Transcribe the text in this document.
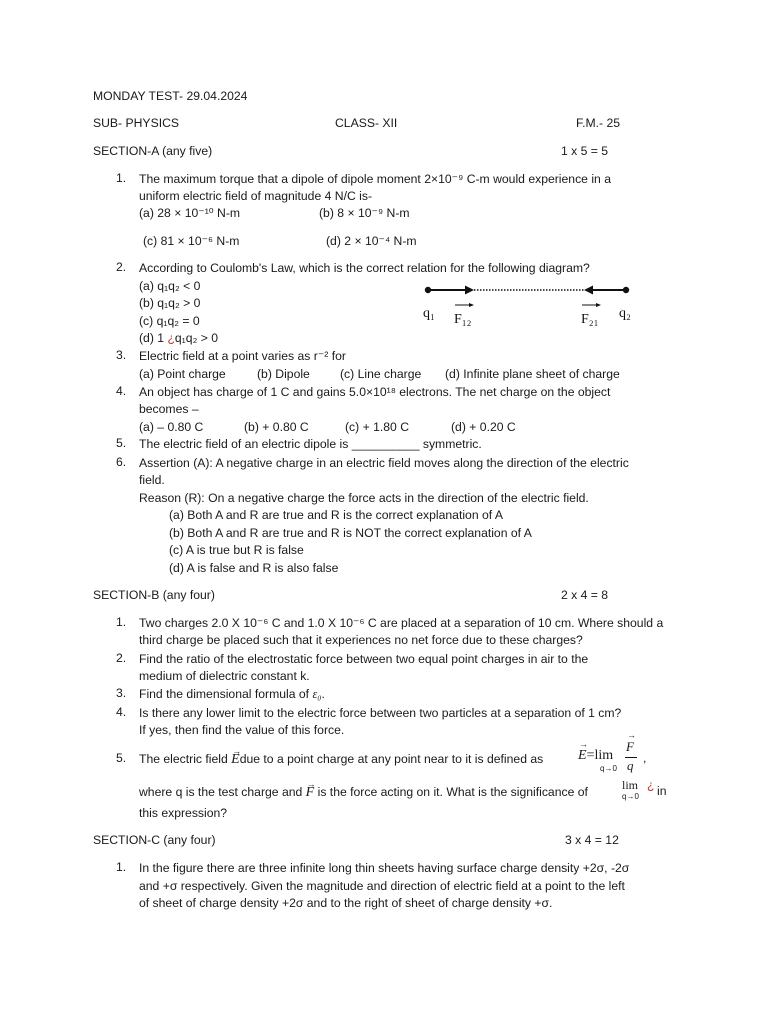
MONDAY TEST- 29.04.2024
SUB- PHYSICS	CLASS- XII	F.M.- 25
SECTION-A (any five)	1 x 5 = 5
1.	The maximum torque that a dipole of dipole moment 2×10⁻⁹ C-m would experience in a
uniform electric field of magnitude 4 N/C is-
(a) 28 × 10⁻¹⁰ N-m	(b) 8 × 10⁻⁹ N-m
(c) 81 × 10⁻⁶ N-m	(d) 2 × 10⁻⁴ N-m
2.	According to Coulomb's Law, which is the correct relation for the following diagram?
(a) q₁q₂ < 0
(b) q₁q₂ > 0
(c) q₁q₂ = 0
(d) 1 ¿q₁q₂ > 0
q₁ F₁₂	F₂₁ q₂
3.	Electric field at a point varies as r⁻² for
(a) Point charge	(b) Dipole (c) Line charge (d) Infinite plane sheet of charge
4.	An object has charge of 1 C and gains 5.0×10¹⁸ electrons. The net charge on the object
becomes –
(a) – 0.80 C	(b) + 0.80 C	(c) + 1.80 C	(d) + 0.20 C
5.	The electric field of an electric dipole is __________ symmetric.
6.	Assertion (A): A negative charge in an electric field moves along the direction of the electric
field.
Reason (R): On a negative charge the force acts in the direction of the electric field.
(a) Both A and R are true and R is the correct explanation of A
(b) Both A and R are true and R is NOT the correct explanation of A
(c) A is true but R is false
(d) A is false and R is also false
SECTION-B (any four)	2 x 4 = 8
1.	Two charges 2.0 X 10⁻⁶ C and 1.0 X 10⁻⁶ C are placed at a separation of 10 cm. Where should a
third charge be placed such that it experiences no net force due to these charges?
2.	Find the ratio of the electrostatic force between two equal point charges in air to the
medium of dielectric constant k.
3.	Find the dimensional formula of ε₀.
4.	Is there any lower limit to the electric force between two particles at a separation of 1 cm?
If yes, then find the value of this force.
5.	The electric field → Edue to a point charge at any point near to it is defined as
→ E=lim
q→0
→ F
q ,
where q is the test charge and → F is the force acting on it. What is the significance of	lim
q→0
¿ in
this expression?
SECTION-C (any four)	3 x 4 = 12
1.	In the figure there are three infinite long thin sheets having surface charge density +2σ, -2σ
and +σ respectively. Given the magnitude and direction of electric field at a point to the left
of sheet of charge density +2σ and to the right of sheet of charge density +σ.
